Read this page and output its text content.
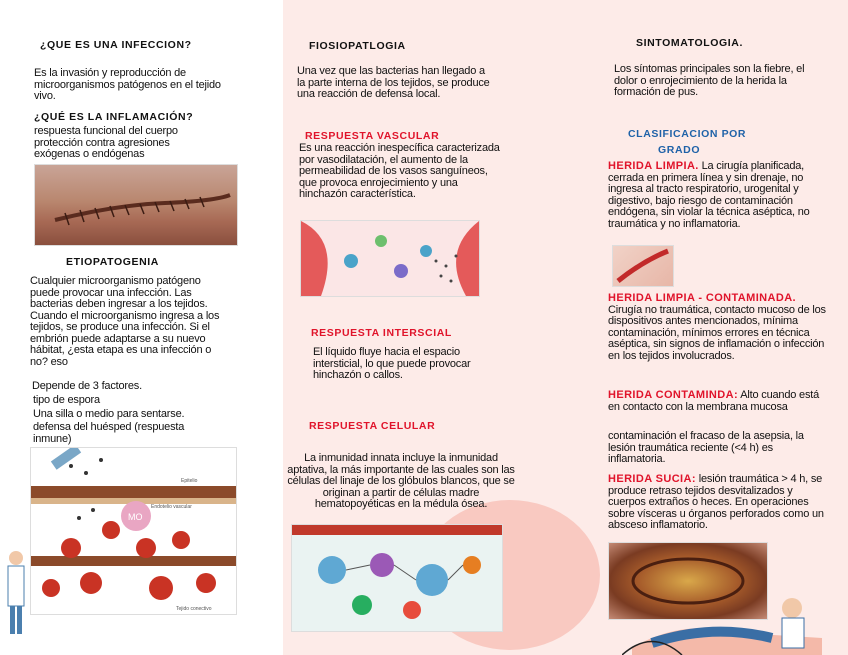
¿QUE ES UNA INFECCION?
Es la invasión y reproducción de microorganismos patógenos en el tejido vivo.
¿QUÉ ES LA INFLAMACIÓN?
respuesta funcional del cuerpo protección contra agresiones exógenas o endógenas
ETIOPATOGENIA
Cualquier microorganismo patógeno puede provocar una infección. Las bacterias deben ingresar a los tejidos. Cuando el microorganismo ingresa a los tejidos, se produce una infección. Si el embrión puede adaptarse a su nuevo hábitat, ¿esta etapa es una infección o no? eso
Depende de 3 factores.
tipo de espora
Una silla o medio para sentarse.
defensa del huésped (respuesta inmune)
MO
Epitelio
Endotelio vascular
Tejido conectivo
FIOSIOPATLOGIA
Una vez que las bacterias han llegado a la parte interna de los tejidos, se produce una reacción de defensa local.
RESPUESTA VASCULAR
Es una reacción inespecífica caracterizada por vasodilatación, el aumento de la permeabilidad de los vasos sanguíneos, que provoca enrojecimiento y una hinchazón característica.
RESPUESTA INTERSCIAL
El líquido fluye hacia el espacio intersticial, lo que puede provocar hinchazón o callos.
RESPUESTA CELULAR
La inmunidad innata incluye la inmunidad aptativa, la más importante de las cuales son las células del linaje de los glóbulos blancos, que se originan a partir de células madre hematopoyéticas en la médula ósea.
SINTOMATOLOGIA.
Los síntomas principales son la fiebre, el dolor o enrojecimiento de la herida la formación de pus.
CLASIFICACION POR
GRADO
HERIDA LIMPIA. La cirugía planificada, cerrada en primera línea y sin drenaje, no ingresa al tracto respiratorio, urogenital y digestivo, bajo riesgo de contaminación endógena, sin violar la técnica aséptica, no traumática y no inflamatoria.
HERIDA LIMPIA - CONTAMINADA.
Cirugía no traumática, contacto mucoso de los dispositivos antes mencionados, mínima contaminación, mínimos errores en técnica aséptica, sin signos de inflamación o infección en los tejidos involucrados.
HERIDA CONTAMINDA: Alto cuando está en contacto con la membrana mucosa
contaminación el fracaso de la asepsia, la lesión traumática reciente (<4 h) es inflamatoria.
HERIDA SUCIA: lesión traumática > 4 h, se produce retraso tejidos desvitalizados y cuerpos extraños o heces. En operaciones sobre vísceras u órganos perforados como un absceso inflamatorio.
